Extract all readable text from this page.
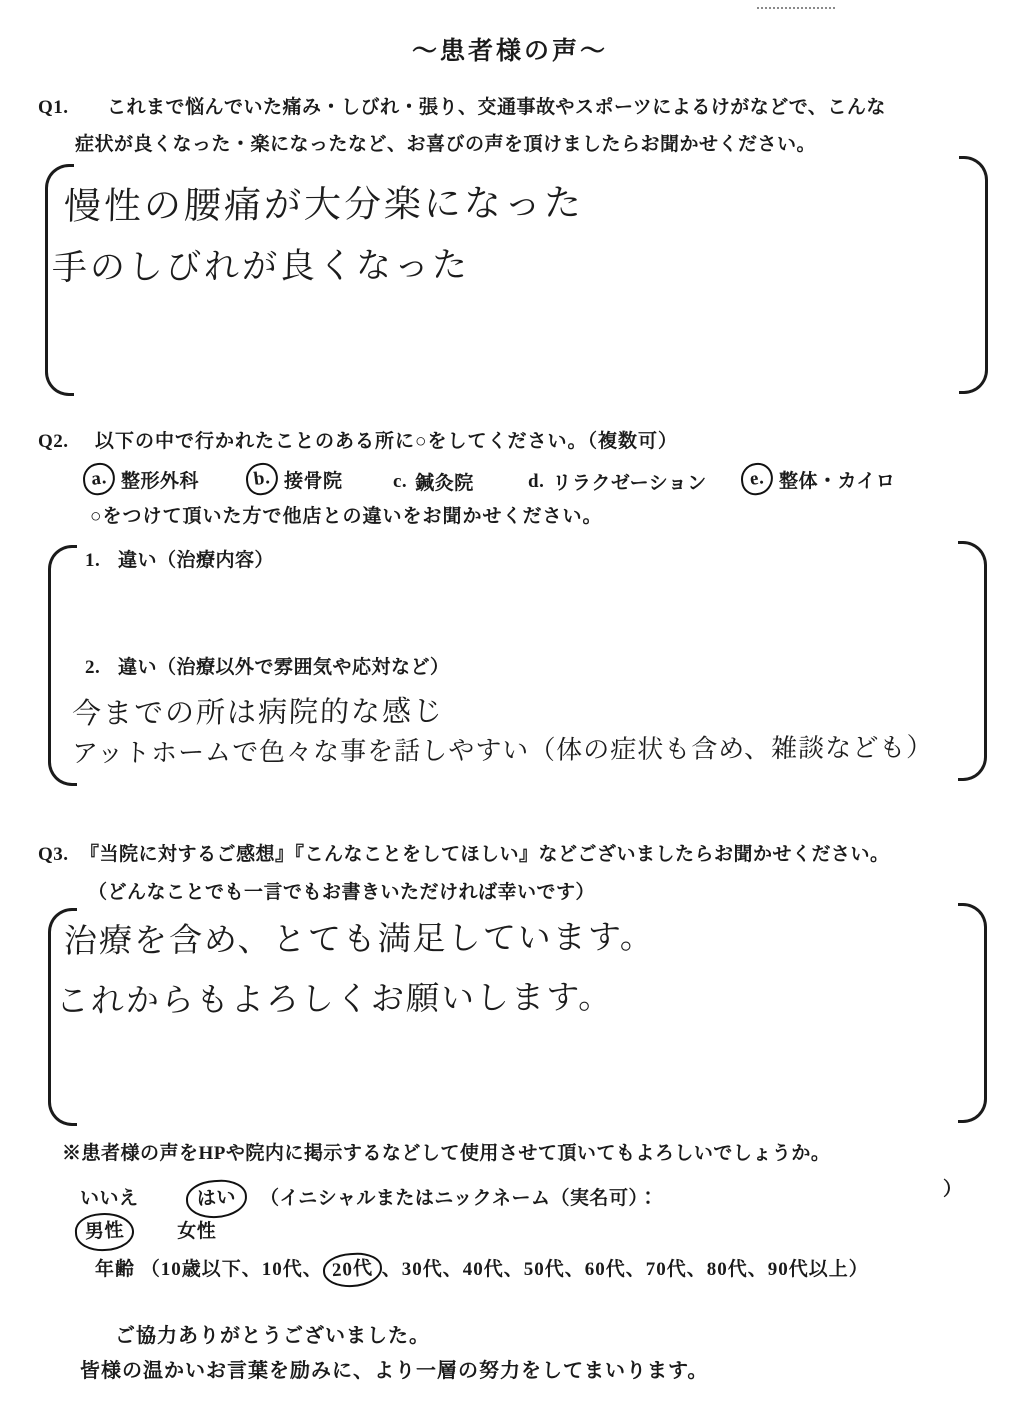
～患者様の声～
Q1. これまで悩んでいた痛み・しびれ・張り、交通事故やスポーツによるけがなどで、こんな
症状が良くなった・楽になったなど、お喜びの声を頂けましたらお聞かせください。
慢性の腰痛が大分楽になった
手のしびれが良くなった
Q2. 以下の中で行かれたことのある所に○をしてください。（複数可）
a. 整形外科	b. 接骨院	c. 鍼灸院	d. リラクゼーション e. 整体・カイロ
○をつけて頂いた方で他店との違いをお聞かせください。
1. 違い（治療内容）
2. 違い（治療以外で雰囲気や応対など）
今までの所は病院的な感じ
アットホームで色々な事を話しやすい（体の症状も含め、雑談なども）
Q3. 『当院に対するご感想』『こんなことをしてほしい』などございましたらお聞かせください。
（どんなことでも一言でもお書きいただければ幸いです）
治療を含め、とても満足しています。
これからもよろしくお願いします。
※患者様の声をHPや院内に掲示するなどして使用させて頂いてもよろしいでしょうか。
いいえ	はい （イニシャルまたはニックネーム（実名可）：	）
男性	女性
年齢 （10歳以下、10代、 20代 、30代、40代、50代、60代、70代、80代、90代以上）
ご協力ありがとうございました。
皆様の温かいお言葉を励みに、より一層の努力をしてまいります。
